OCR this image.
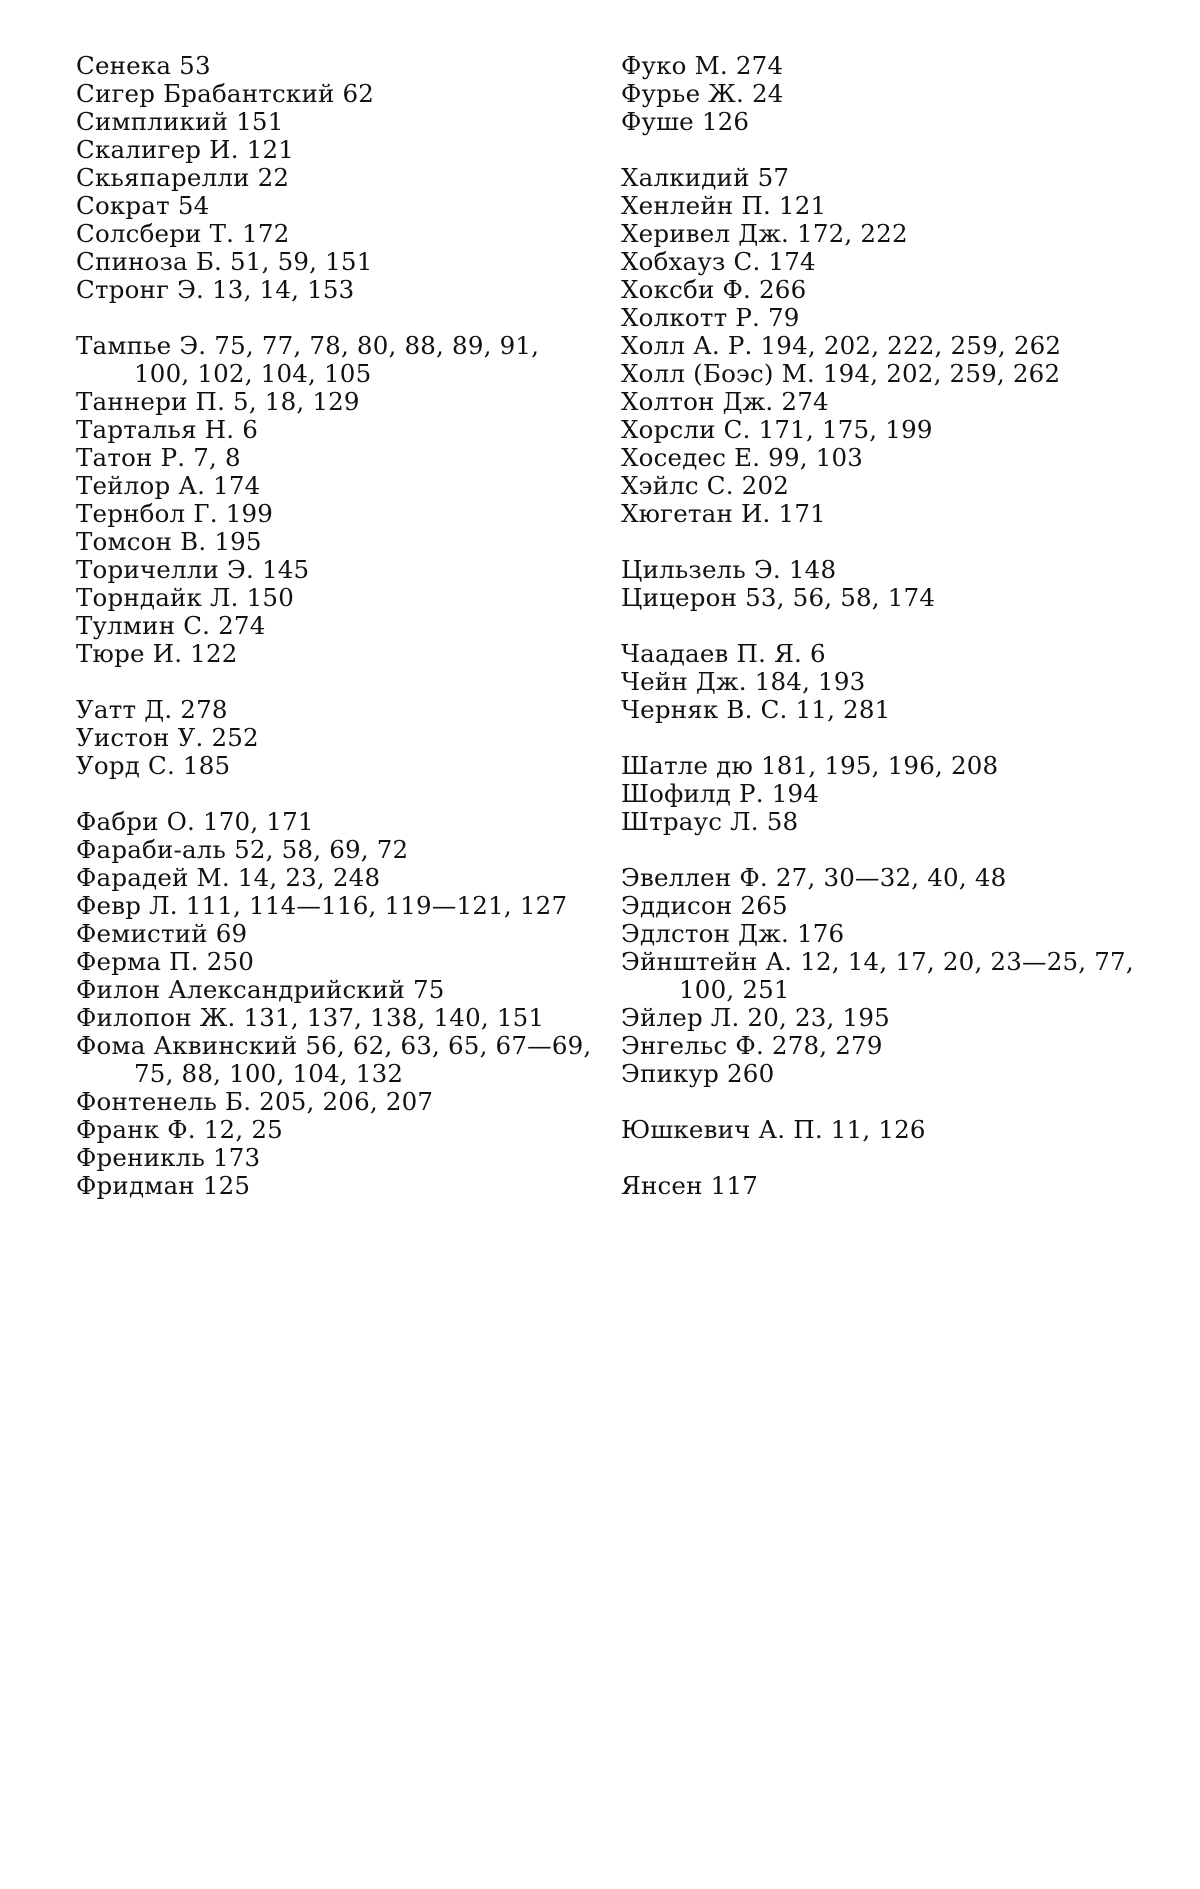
Сенека 53
Сигер Брабантский 62
Симпликий 151
Скалигер И. 121
Скьяпарелли 22
Сократ 54
Солсбери Т. 172
Спиноза Б. 51, 59, 151
Стронг Э. 13, 14, 153
Тампье Э. 75, 77, 78, 80, 88, 89, 91, 100, 102, 104, 105
Таннери П. 5, 18, 129
Тарталья Н. 6
Татон Р. 7, 8
Тейлор А. 174
Тернбол Г. 199
Томсон В. 195
Торичелли Э. 145
Торндайк Л. 150
Тулмин С. 274
Тюре И. 122
Уатт Д. 278
Уистон У. 252
Уорд С. 185
Фабри О. 170, 171
Фараби-аль 52, 58, 69, 72
Фарадей М. 14, 23, 248
Февр Л. 111, 114—116, 119—121, 127
Фемистий 69
Ферма П. 250
Филон Александрийский 75
Филопон Ж. 131, 137, 138, 140, 151
Фома Аквинский 56, 62, 63, 65, 67—69, 75, 88, 100, 104, 132
Фонтенель Б. 205, 206, 207
Франк Ф. 12, 25
Френикль 173
Фридман 125
Фуко М. 274
Фурье Ж. 24
Фуше 126
Халкидий 57
Хенлейн П. 121
Херивел Дж. 172, 222
Хобхауз С. 174
Хоксби Ф. 266
Холкотт Р. 79
Холл А. Р. 194, 202, 222, 259, 262
Холл (Боэс) М. 194, 202, 259, 262
Холтон Дж. 274
Хорсли С. 171, 175, 199
Хоседес Е. 99, 103
Хэйлс С. 202
Хюгетан И. 171
Цильзель Э. 148
Цицерон 53, 56, 58, 174
Чаадаев П. Я. 6
Чейн Дж. 184, 193
Черняк В. С. 11, 281
Шатле дю 181, 195, 196, 208
Шофилд Р. 194
Штраус Л. 58
Эвеллен Ф. 27, 30—32, 40, 48
Эддисон 265
Эдлстон Дж. 176
Эйнштейн А. 12, 14, 17, 20, 23—25, 77, 100, 251
Эйлер Л. 20, 23, 195
Энгельс Ф. 278, 279
Эпикур 260
Юшкевич А. П. 11, 126
Янсен 117
